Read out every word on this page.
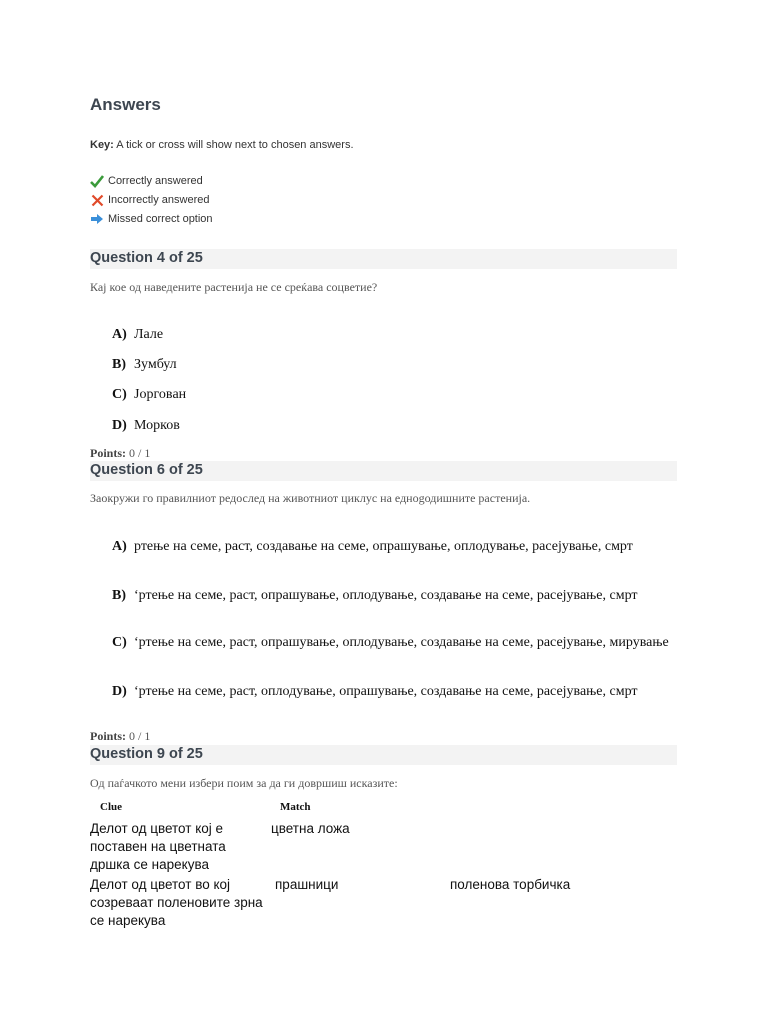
Answers
Key: A tick or cross will show next to chosen answers.
Correctly answered
Incorrectly answered
Missed correct option
Question 4 of 25
Кај кое од наведените растенија не се среќава соцветие?
A) Лале
B) Зумбул
C) Јорговaн
D) Морков
Points: 0 / 1
Question 6 of 25
Заокружи го правилниот редослед на животниот циклус на еднogодишните растенија.
A) ртење на семе, раст, создавање на семе, опрашување, оплодување, расејување, смрт
B) ‘ртење на семе, раст, опрашување, оплодување, создавање на семе, расејување, смрт
C) ‘ртење на семе, раст, опрашување, оплодување, создавање на семе, расејување, мирување
D) ‘ртење на семе, раст, оплодување, опрашување, создавање на семе, расејување, смрт
Points: 0 / 1
Question 9 of 25
Од паѓачкото мени избери поим за да ги довршиш исказите:
Clue	Match
Делот од цветот кој е поставен на цветната дршка се нарекува
цветна ложа
Делот од цветот во кој созреваат поленовите зрна се нарекува
прашници	поленова торбичка
